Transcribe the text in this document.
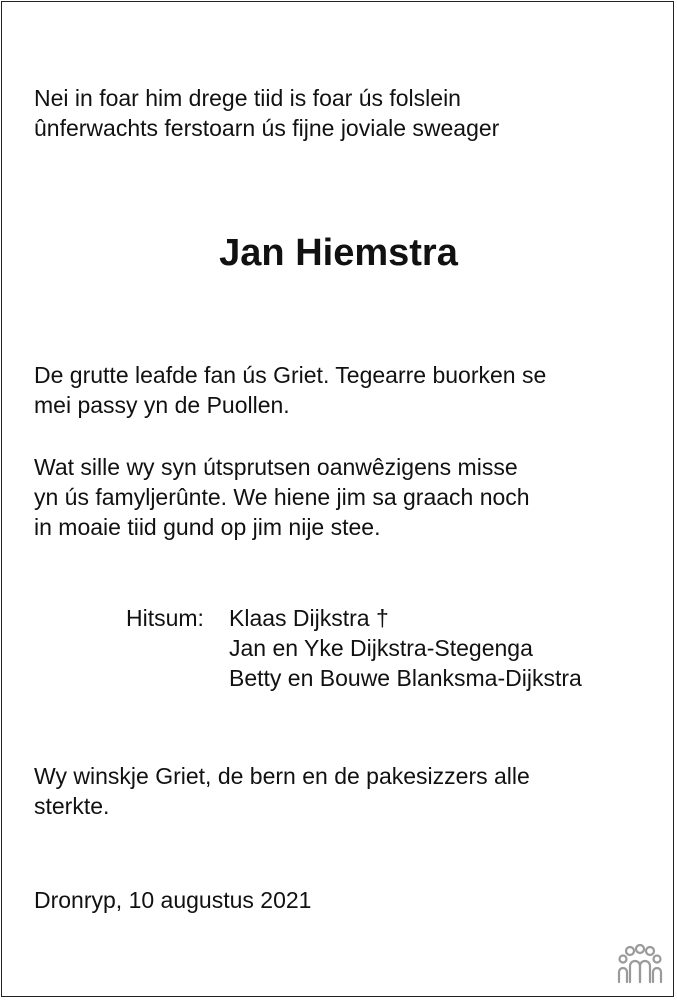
Nei in foar him drege tiid is foar ús folslein
ûnferwachts ferstoarn ús fijne joviale sweager

Jan Hiemstra

De grutte leafde fan ús Griet. Tegearre buorken se
mei passy yn de Puollen.

Wat sille wy syn útsprutsen oanwêzigens misse
yn ús famyljerûnte. We hiene jim sa graach noch
in moaie tiid gund op jim nije stee.

Hitsum: Klaas Dijkstra †
Jan en Yke Dijkstra-Stegenga
Betty en Bouwe Blanksma-Dijkstra

Wy winskje Griet, de bern en de pakesizzers alle
sterkte.

Dronryp, 10 augustus 2021
